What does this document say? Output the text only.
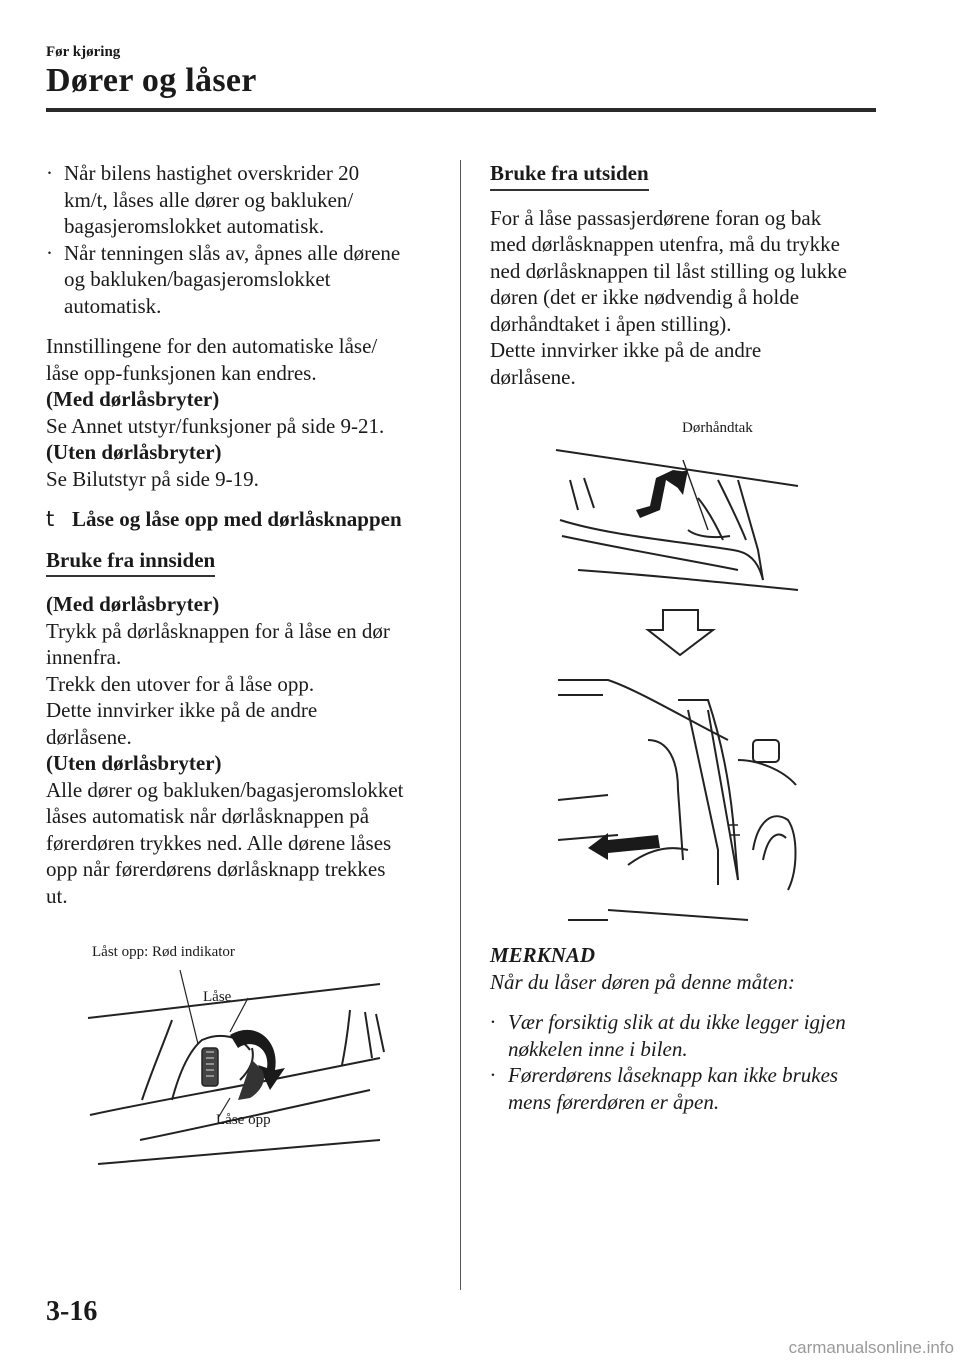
Før kjøring
Dører og låser
· Når bilens hastighet overskrider 20

km/t, låses alle dører og bakluken/

bagasjeromslokket automatisk.

· Når tenningen slås av, åpnes alle dørene

og bakluken/bagasjeromslokket

automatisk.

Innstillingene for den automatiske låse/

låse opp-funksjonen kan endres.

(Med dørlåsbryter)

Se Annet utstyr/funksjoner på side 9-21.

(Uten dørlåsbryter)

Se Bilutstyr på side 9-19.

t Låse og låse opp med dørlåsknappen

Bruke fra innsiden

(Med dørlåsbryter)

Trykk på dørlåsknappen for å låse en dør

innenfra.

Trekk den utover for å låse opp.

Dette innvirker ikke på de andre

dørlåsene.

(Uten dørlåsbryter)

Alle dører og bakluken/bagasjeromslokket

låses automatisk når dørlåsknappen på

førerdøren trykkes ned. Alle dørene låses

opp når førerdørens dørlåsknapp trekkes

ut.

Låst opp: Rød indikator
Låse
Låse opp

Bruke fra utsiden

For å låse passasjerdørene foran og bak

med dørlåsknappen utenfra, må du trykke

ned dørlåsknappen til låst stilling og lukke

døren (det er ikke nødvendig å holde

dørhåndtaket i åpen stilling).

Dette innvirker ikke på de andre

dørlåsene.

Dørhåndtak

MERKNAD

Når du låser døren på denne måten:

· Vær forsiktig slik at du ikke legger igjen

nøkkelen inne i bilen.

· Førerdørens låseknapp kan ikke brukes

mens førerdøren er åpen.

3-16
carmanualsonline.info
